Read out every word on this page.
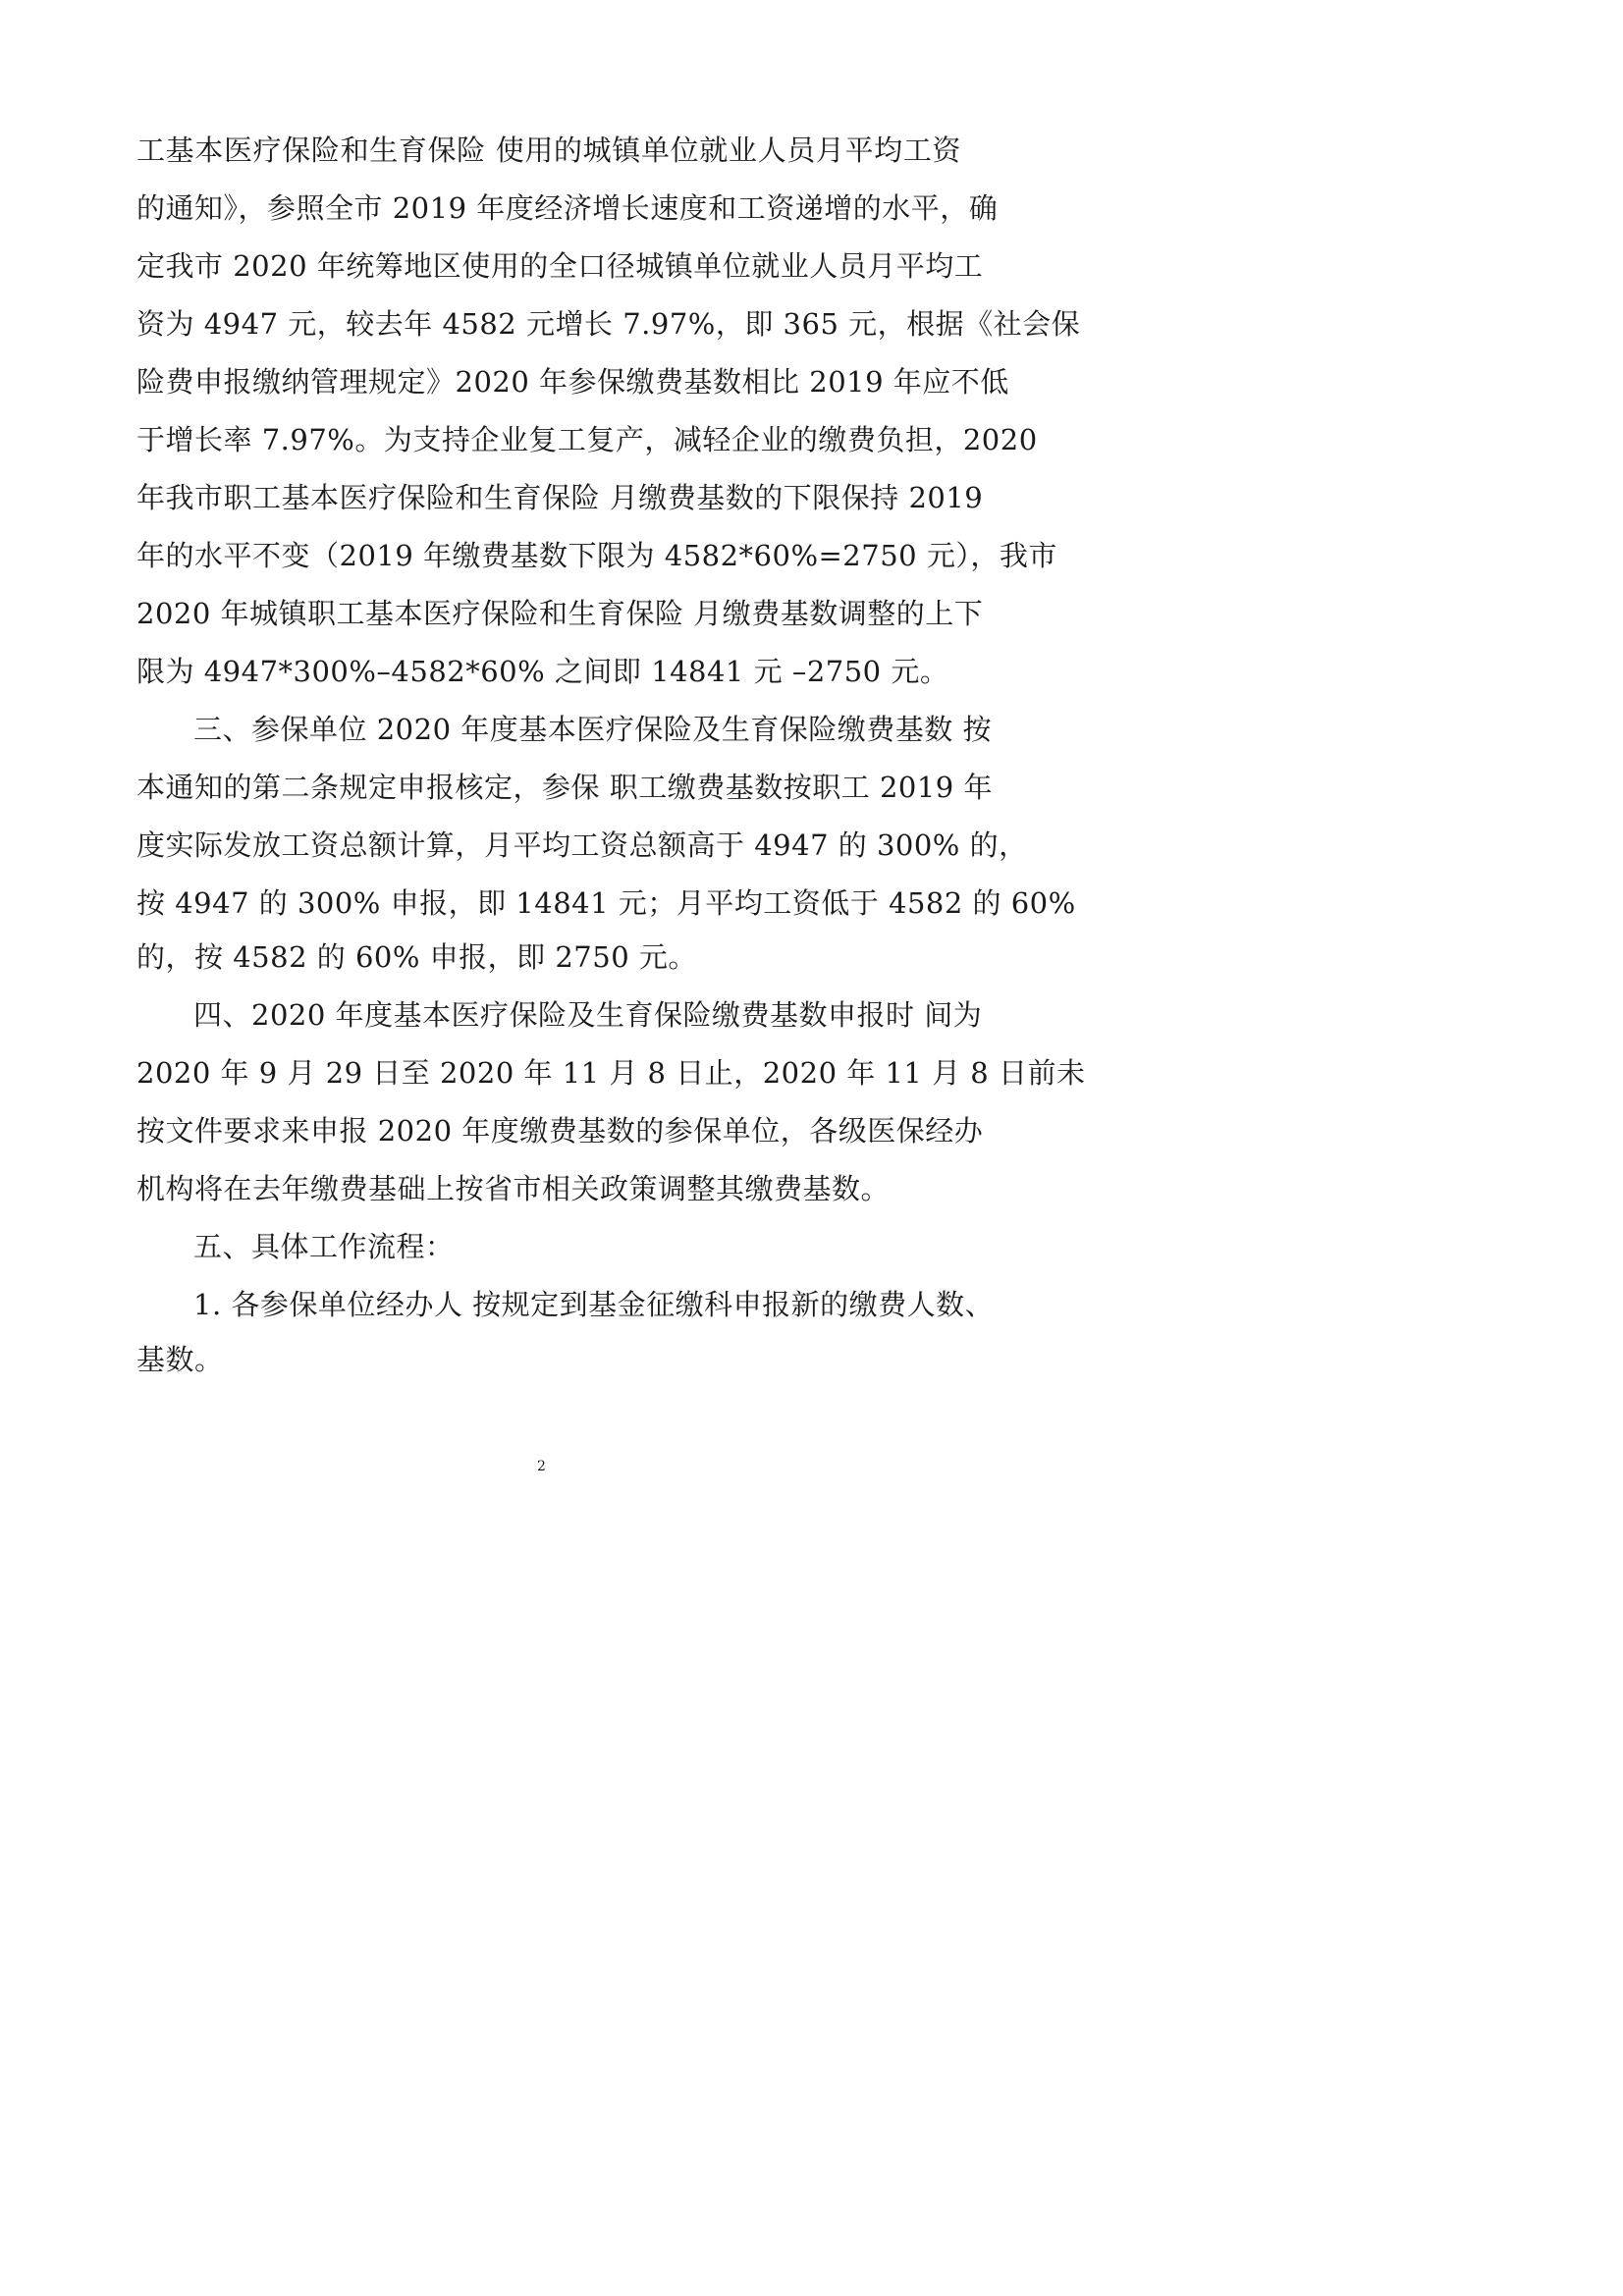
工基本医疗保险和生育保险 使用的城镇单位就业人员月平均工资
的通知》，参照全市 2019 年度经济增长速度和工资递增的水平，确
定我市 2020 年统筹地区使用的全口径城镇单位就业人员月平均工
资为 4947 元，较去年 4582 元增长 7.97%，即 365 元，根据《社会保
险费申报缴纳管理规定》2020 年参保缴费基数相比 2019 年应不低
于增长率 7.97%。为支持企业复工复产，减轻企业的缴费负担，2020
年我市职工基本医疗保险和生育保险 月缴费基数的下限保持 2019
年的水平不变（2019 年缴费基数下限为 4582*60%=2750 元），我市
2020 年城镇职工基本医疗保险和生育保险 月缴费基数调整的上下
限为 4947*300%–4582*60% 之间即 14841 元 –2750 元。
三、参保单位 2020 年度基本医疗保险及生育保险缴费基数 按
本通知的第二条规定申报核定，参保 职工缴费基数按职工 2019 年
度实际发放工资总额计算，月平均工资总额高于 4947 的 300% 的，
按 4947 的 300% 申报，即 14841 元；月平均工资低于 4582 的 60%
的，按 4582 的 60% 申报，即 2750 元。
四、2020 年度基本医疗保险及生育保险缴费基数申报时 间为
2020 年 9 月 29 日至 2020 年 11 月 8 日止，2020 年 11 月 8 日前未
按文件要求来申报 2020 年度缴费基数的参保单位，各级医保经办
机构将在去年缴费基础上按省市相关政策调整其缴费基数。
五、具体工作流程：
1. 各参保单位经办人 按规定到基金征缴科申报新的缴费人数、
基数。
2
